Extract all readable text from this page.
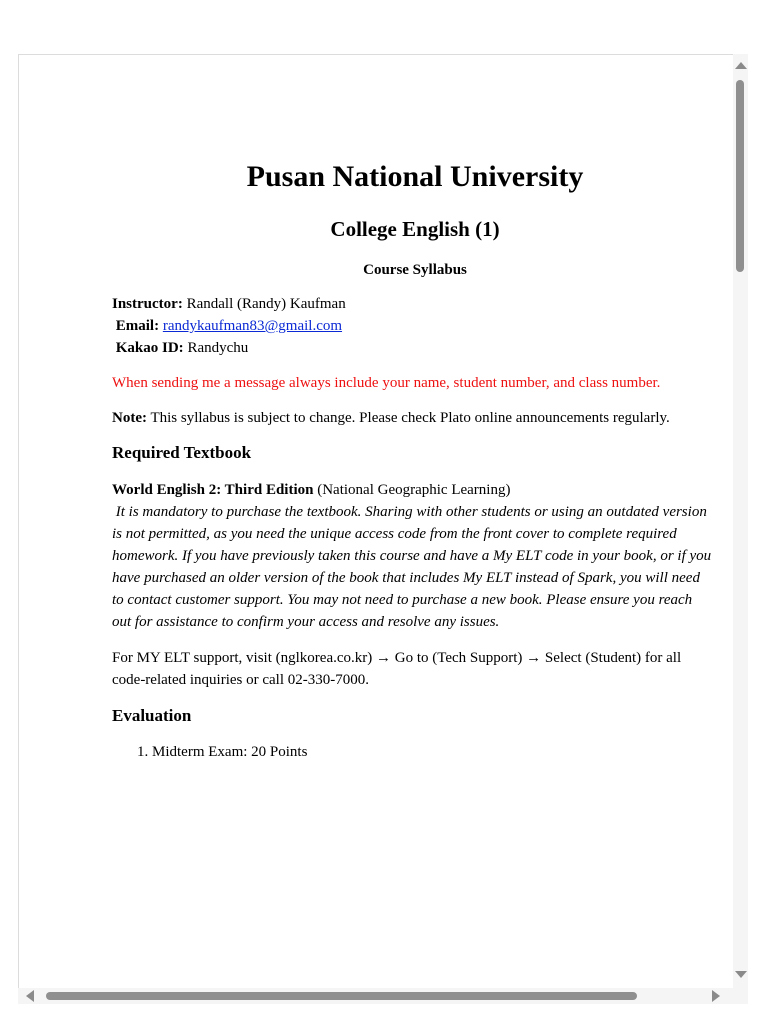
Pusan National University
College English (1)
Course Syllabus
Instructor: Randall (Randy) Kaufman
Email: randykaufman83@gmail.com
Kakao ID: Randychu
When sending me a message always include your name, student number, and class number.
Note: This syllabus is subject to change. Please check Plato online announcements regularly.
Required Textbook
World English 2: Third Edition (National Geographic Learning)
It is mandatory to purchase the textbook. Sharing with other students or using an outdated version is not permitted, as you need the unique access code from the front cover to complete required homework. If you have previously taken this course and have a My ELT code in your book, or if you have purchased an older version of the book that includes My ELT instead of Spark, you will need to contact customer support. You may not need to purchase a new book. Please ensure you reach out for assistance to confirm your access and resolve any issues.
For MY ELT support, visit (nglkorea.co.kr) → Go to (Tech Support) → Select (Student) for all code-related inquiries or call 02-330-7000.
Evaluation
1. Midterm Exam: 20 Points
